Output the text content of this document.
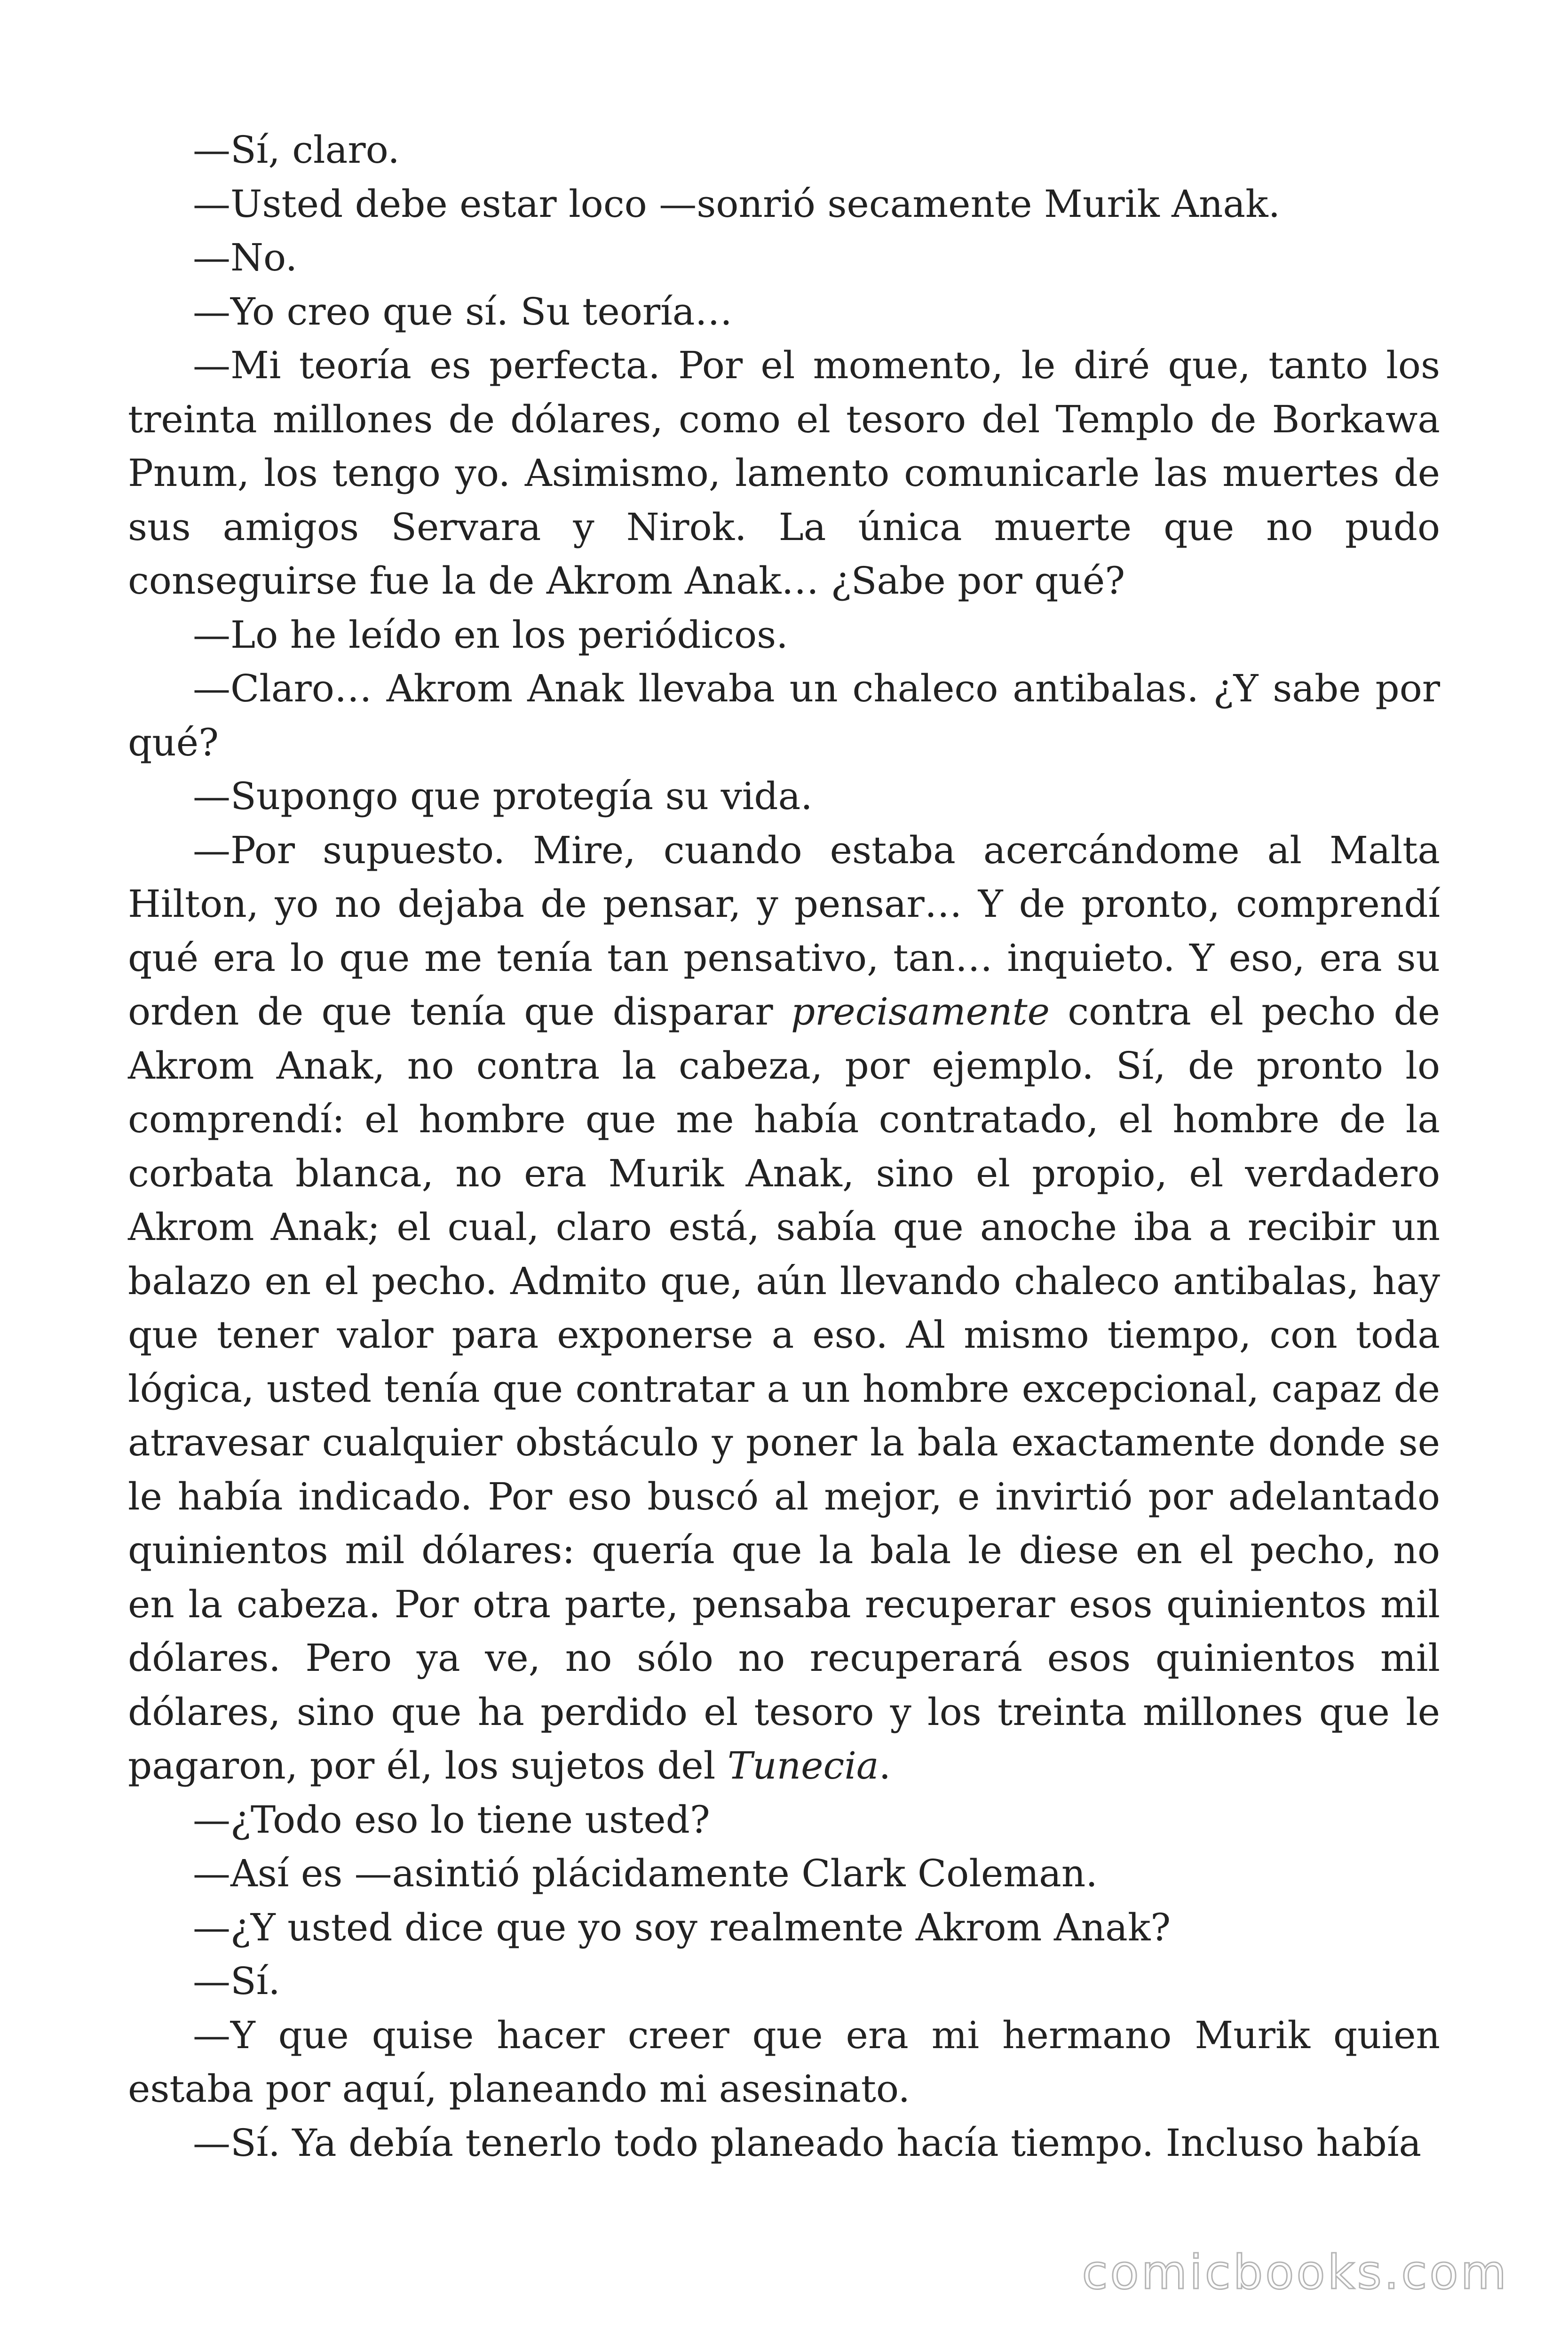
—Sí, claro.

—Usted debe estar loco —sonrió secamente Murik Anak.

—No.

—Yo creo que sí. Su teoría…

—Mi teoría es perfecta. Por el momento, le diré que, tanto los treinta millones de dólares, como el tesoro del Templo de Borkawa Pnum, los tengo yo. Asimismo, lamento comunicarle las muertes de sus amigos Servara y Nirok. La única muerte que no pudo conseguirse fue la de Akrom Anak… ¿Sabe por qué?

—Lo he leído en los periódicos.

—Claro… Akrom Anak llevaba un chaleco antibalas. ¿Y sabe por qué?

—Supongo que protegía su vida.

—Por supuesto. Mire, cuando estaba acercándome al Malta Hilton, yo no dejaba de pensar, y pensar… Y de pronto, comprendí qué era lo que me tenía tan pensativo, tan… inquieto. Y eso, era su orden de que tenía que disparar precisamente contra el pecho de Akrom Anak, no contra la cabeza, por ejemplo. Sí, de pronto lo comprendí: el hombre que me había contratado, el hombre de la corbata blanca, no era Murik Anak, sino el propio, el verdadero Akrom Anak; el cual, claro está, sabía que anoche iba a recibir un balazo en el pecho. Admito que, aún llevando chaleco antibalas, hay que tener valor para exponerse a eso. Al mismo tiempo, con toda lógica, usted tenía que contratar a un hombre excepcional, capaz de atravesar cualquier obstáculo y poner la bala exactamente donde se le había indicado. Por eso buscó al mejor, e invirtió por adelantado quinientos mil dólares: quería que la bala le diese en el pecho, no en la cabeza. Por otra parte, pensaba recuperar esos quinientos mil dólares. Pero ya ve, no sólo no recuperará esos quinientos mil dólares, sino que ha perdido el tesoro y los treinta millones que le pagaron, por él, los sujetos del Tunecia.

—¿Todo eso lo tiene usted?

—Así es —asintió plácidamente Clark Coleman.

—¿Y usted dice que yo soy realmente Akrom Anak?

—Sí.

—Y que quise hacer creer que era mi hermano Murik quien estaba por aquí, planeando mi asesinato.

—Sí. Ya debía tenerlo todo planeado hacía tiempo. Incluso había

comicbooks.com
